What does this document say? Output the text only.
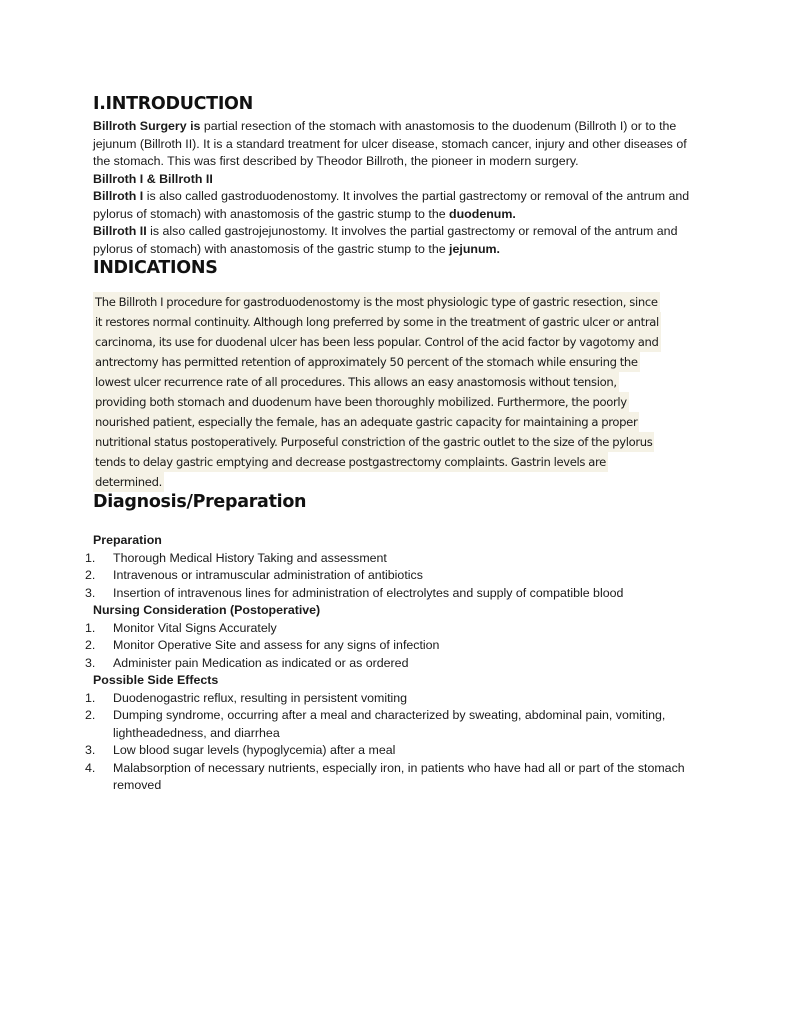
I.INTRODUCTION

Billroth Surgery is partial resection of the stomach with anastomosis to the duodenum (Billroth I) or to the jejunum (Billroth II). It is a standard treatment for ulcer disease, stomach cancer, injury and other diseases of the stomach. This was first described by Theodor Billroth, the pioneer in modern surgery.

Billroth I & Billroth II

Billroth I is also called gastroduodenostomy. It involves the partial gastrectomy or removal of the antrum and pylorus of stomach) with anastomosis of the gastric stump to the duodenum.

Billroth II is also called gastrojejunostomy. It involves the partial gastrectomy or removal of the antrum and pylorus of stomach) with anastomosis of the gastric stump to the jejunum.

INDICATIONS
The Billroth I procedure for gastroduodenostomy is the most physiologic type of gastric resection, since
it restores normal continuity. Although long preferred by some in the treatment of gastric ulcer or antral
carcinoma, its use for duodenal ulcer has been less popular. Control of the acid factor by vagotomy and
antrectomy has permitted retention of approximately 50 percent of the stomach while ensuring the
lowest ulcer recurrence rate of all procedures. This allows an easy anastomosis without tension,
providing both stomach and duodenum have been thoroughly mobilized. Furthermore, the poorly
nourished patient, especially the female, has an adequate gastric capacity for maintaining a proper
nutritional status postoperatively. Purposeful constriction of the gastric outlet to the size of the pylorus
tends to delay gastric emptying and decrease postgastrectomy complaints. Gastrin levels are
determined.
Diagnosis/Preparation

Preparation

1.	Thorough Medical History Taking and assessment
2.	Intravenous or intramuscular administration of antibiotics
3.	Insertion of intravenous lines for administration of electrolytes and supply of compatible blood

Nursing Consideration (Postoperative)

1.	Monitor Vital Signs Accurately
2.	Monitor Operative Site and assess for any signs of infection
3.	Administer pain Medication as indicated or as ordered

Possible Side Effects

1.	Duodenogastric reflux, resulting in persistent vomiting
2.	Dumping syndrome, occurring after a meal and characterized by sweating, abdominal pain, vomiting, lightheadedness, and diarrhea
3.	Low blood sugar levels (hypoglycemia) after a meal
4.	Malabsorption of necessary nutrients, especially iron, in patients who have had all or part of the stomach removed
